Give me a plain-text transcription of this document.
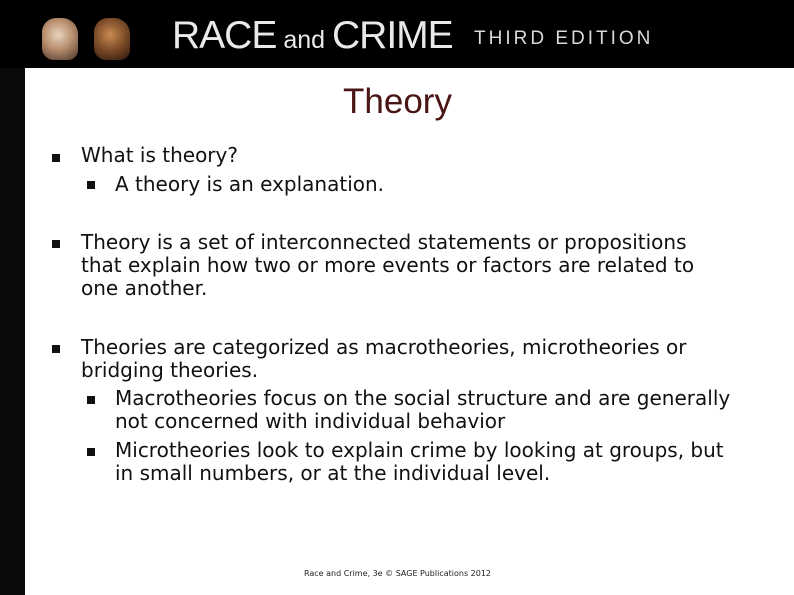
RACE and CRIME THIRD EDITION
Theory
What is theory?
A theory is an explanation.
Theory is a set of interconnected statements or propositions
that explain how two or more events or factors are related to
one another.
Theories are categorized as macrotheories, microtheories or
bridging theories.
Macrotheories focus on the social structure and are generally
not concerned with individual behavior
Microtheories look to explain crime by looking at groups, but
in small numbers, or at the individual level.
Race and Crime, 3e © SAGE Publications 2012
